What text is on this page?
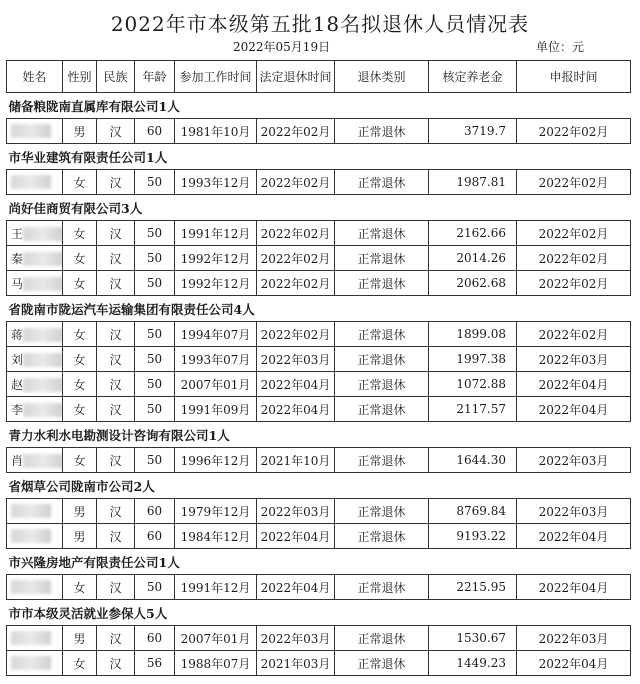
2022年市本级第五批18名拟退休人员情况表
2022年05月19日	单位：元
姓名	性别	民族	年龄	参加工作时间	法定退休时间	退休类别	核定养老金	申报时间
储备粮陇南直属库有限公司1人								
	男	汉	60	1981年10月	2022年02月	正常退休	3719.7	2022年02月
市华业建筑有限责任公司1人								
	女	汉	50	1993年12月	2022年02月	正常退休	1987.81	2022年02月
尚好佳商贸有限公司3人								
王	女	汉	50	1991年12月	2022年02月	正常退休	2162.66	2022年02月
秦	女	汉	50	1992年12月	2022年02月	正常退休	2014.26	2022年02月
马	女	汉	50	1992年12月	2022年02月	正常退休	2062.68	2022年02月
省陇南市陇运汽车运输集团有限责任公司4人								
蒋	女	汉	50	1994年07月	2022年02月	正常退休	1899.08	2022年02月
刘	女	汉	50	1993年07月	2022年03月	正常退休	1997.38	2022年03月
赵	女	汉	50	2007年01月	2022年04月	正常退休	1072.88	2022年04月
李	女	汉	50	1991年09月	2022年04月	正常退休	2117.57	2022年04月
青力水利水电勘测设计咨询有限公司1人								
肖	女	汉	50	1996年12月	2021年10月	正常退休	1644.30	2022年03月
省烟草公司陇南市公司2人								
	男	汉	60	1979年12月	2022年03月	正常退休	8769.84	2022年03月
	男	汉	60	1984年12月	2022年04月	正常退休	9193.22	2022年04月
市兴隆房地产有限责任公司1人								
	女	汉	50	1991年12月	2022年04月	正常退休	2215.95	2022年04月
市市本级灵活就业参保人5人								
	男	汉	60	2007年01月	2022年03月	正常退休	1530.67	2022年03月
	女	汉	56	1988年07月	2021年03月	正常退休	1449.23	2022年04月
